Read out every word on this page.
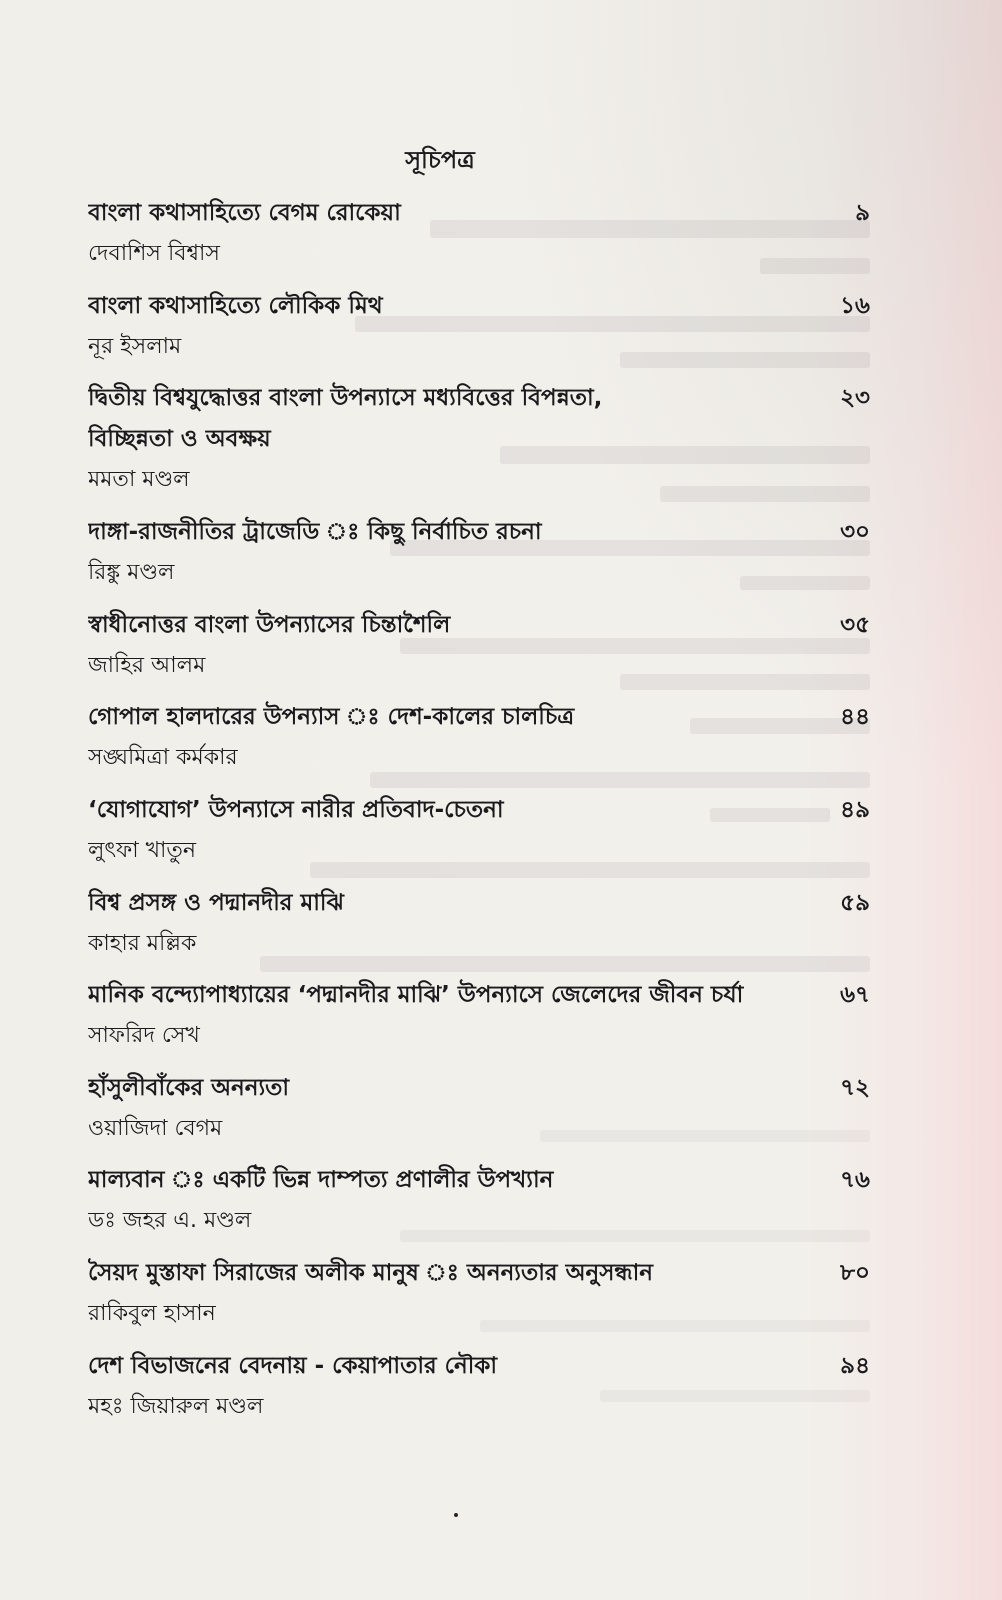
সূচিপত্র
বাংলা কথাসাহিত্যে বেগম রোকেয়া	৯
দেবাশিস বিশ্বাস
বাংলা কথাসাহিত্যে লৌকিক মিথ	১৬
নূর ইসলাম
দ্বিতীয় বিশ্বযুদ্ধোত্তর বাংলা উপন্যাসে মধ্যবিত্তের বিপন্নতা,	২৩
বিচ্ছিন্নতা ও অবক্ষয়
মমতা মণ্ডল
দাঙ্গা-রাজনীতির ট্রাজেডি ঃ কিছু নির্বাচিত রচনা	৩০
রিঙ্কু মণ্ডল
স্বাধীনোত্তর বাংলা উপন্যাসের চিন্তাশৈলি	৩৫
জাহির আলম
গোপাল হালদারের উপন্যাস ঃ দেশ-কালের চালচিত্র	৪৪
সঙ্ঘমিত্রা কর্মকার
‘যোগাযোগ’ উপন্যাসে নারীর প্রতিবাদ-চেতনা	৪৯
লুৎফা খাতুন
বিশ্ব প্রসঙ্গ ও পদ্মানদীর মাঝি	৫৯
কাহার মল্লিক
মানিক বন্দ্যোপাধ্যায়ের ‘পদ্মানদীর মাঝি’ উপন্যাসে জেলেদের জীবন চর্যা	৬৭
সাফরিদ সেখ
হাঁসুলীবাঁকের অনন্যতা	৭২
ওয়াজিদা বেগম
মাল্যবান ঃ একটি ভিন্ন দাম্পত্য প্রণালীর উপখ্যান	৭৬
ডঃ জহর এ. মণ্ডল
সৈয়দ মুস্তাফা সিরাজের অলীক মানুষ ঃ অনন্যতার অনুসন্ধান	৮০
রাকিবুল হাসান
দেশ বিভাজনের বেদনায় - কেয়াপাতার নৌকা	৯৪
মহঃ জিয়ারুল মণ্ডল
